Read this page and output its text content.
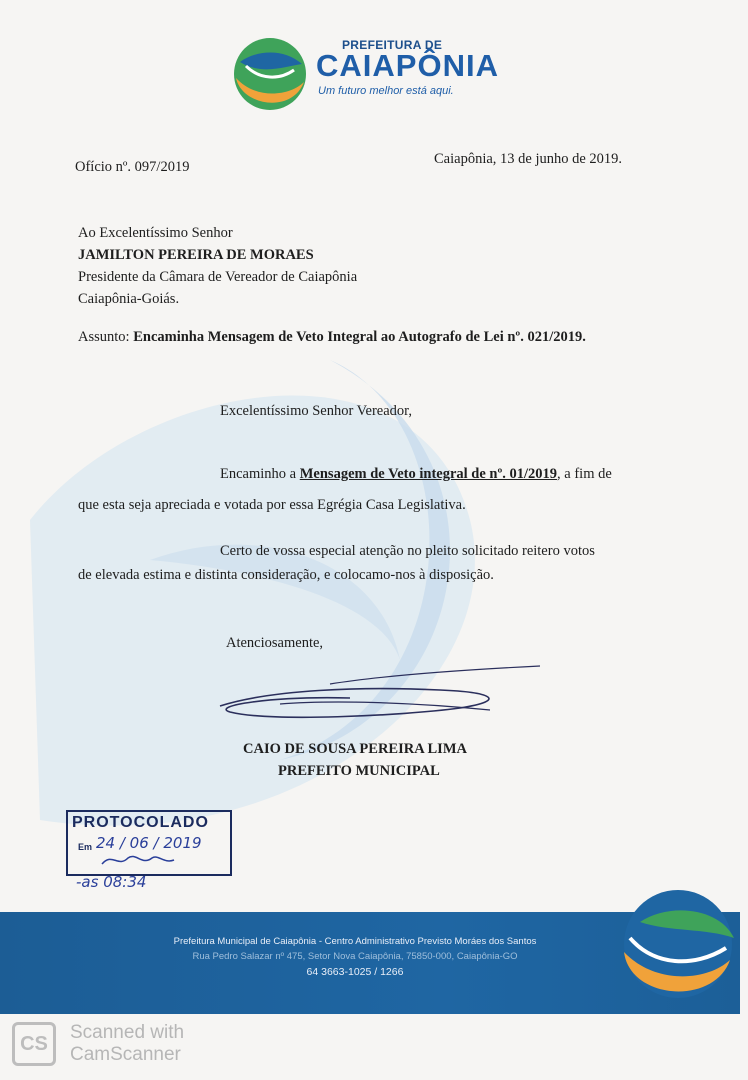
PREFEITURA DE
CAIAPÔNIA
Um futuro melhor está aqui.
Ofício nº. 097/2019	Caiapônia, 13 de junho de 2019.
Ao Excelentíssimo Senhor
JAMILTON PEREIRA DE MORAES
Presidente da Câmara de Vereador de Caiapônia
Caiapônia-Goiás.
Assunto: Encaminha Mensagem de Veto Integral ao Autografo de Lei nº. 021/2019.
Excelentíssimo Senhor Vereador,
Encaminho a Mensagem de Veto integral de nº. 01/2019, a fim de
que esta seja apreciada e votada por essa Egrégia Casa Legislativa.
Certo de vossa especial atenção no pleito solicitado reitero votos
de elevada estima e distinta consideração, e colocamo-nos à disposição.
Atenciosamente,
CAIO DE SOUSA PEREIRA LIMA
PREFEITO MUNICIPAL
PROTOCOLADO
Em 24 / 06 / 2019
-as 08:34
Prefeitura Municipal de Caiapônia - Centro Administrativo Previsto Moráes dos Santos
Rua Pedro Salazar nº 475, Setor Nova Caiapônia, 75850-000, Caiapônia-GO
64 3663-1025 / 1266
CS
Scanned with
CamScanner
